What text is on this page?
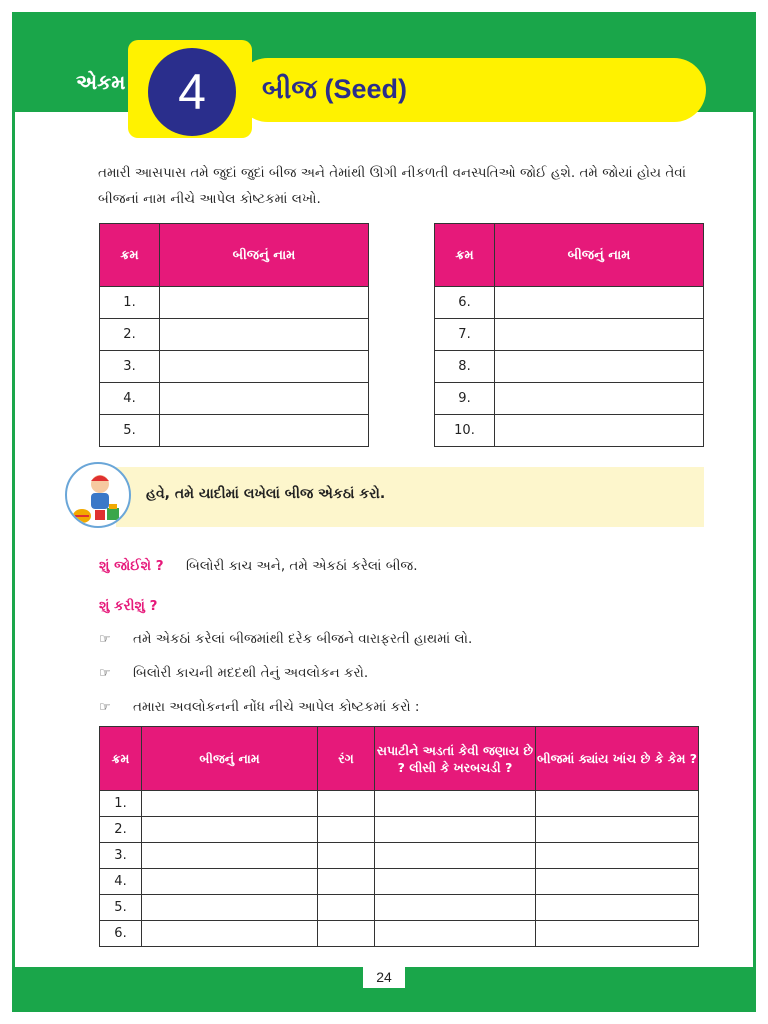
એકમ	4	બીજ (Seed)

તમારી આસપાસ તમે જુદાં જુદાં બીજ અને તેમાંથી ઊગી નીકળતી વનસ્પતિઓ જોઈ હશે. તમે જોયાં હોય તેવાં બીજનાં નામ નીચે આપેલ કોષ્ટકમાં લખો.

ક્રમ	બીજનું નામ
1.	
2.	
3.	
4.	
5.	
ક્રમ	બીજનું નામ
6.	
7.	
8.	
9.	
10.	
હવે, તમે યાદીમાં લખેલાં બીજ એકઠાં કરો.
શું જોઈશે ? બિલોરી કાચ અને, તમે એકઠાં કરેલાં બીજ.
શું કરીશું ?
☞	તમે એકઠાં કરેલાં બીજમાંથી દરેક બીજને વારાફરતી હાથમાં લો.
☞	બિલોરી કાચની મદદથી તેનું અવલોકન કરો.
☞	તમારા અવલોકનની નોંધ નીચે આપેલ કોષ્ટકમાં કરો :
ક્રમ	બીજનું નામ	રંગ	સપાટીને અડતાં કેવી જણાય છે ? લીસી કે ખરબચડી ?	બીજમાં ક્યાંય ખાંચ છે કે કેમ ?
1.				
2.				
3.				
4.				
5.				
6.				
24
